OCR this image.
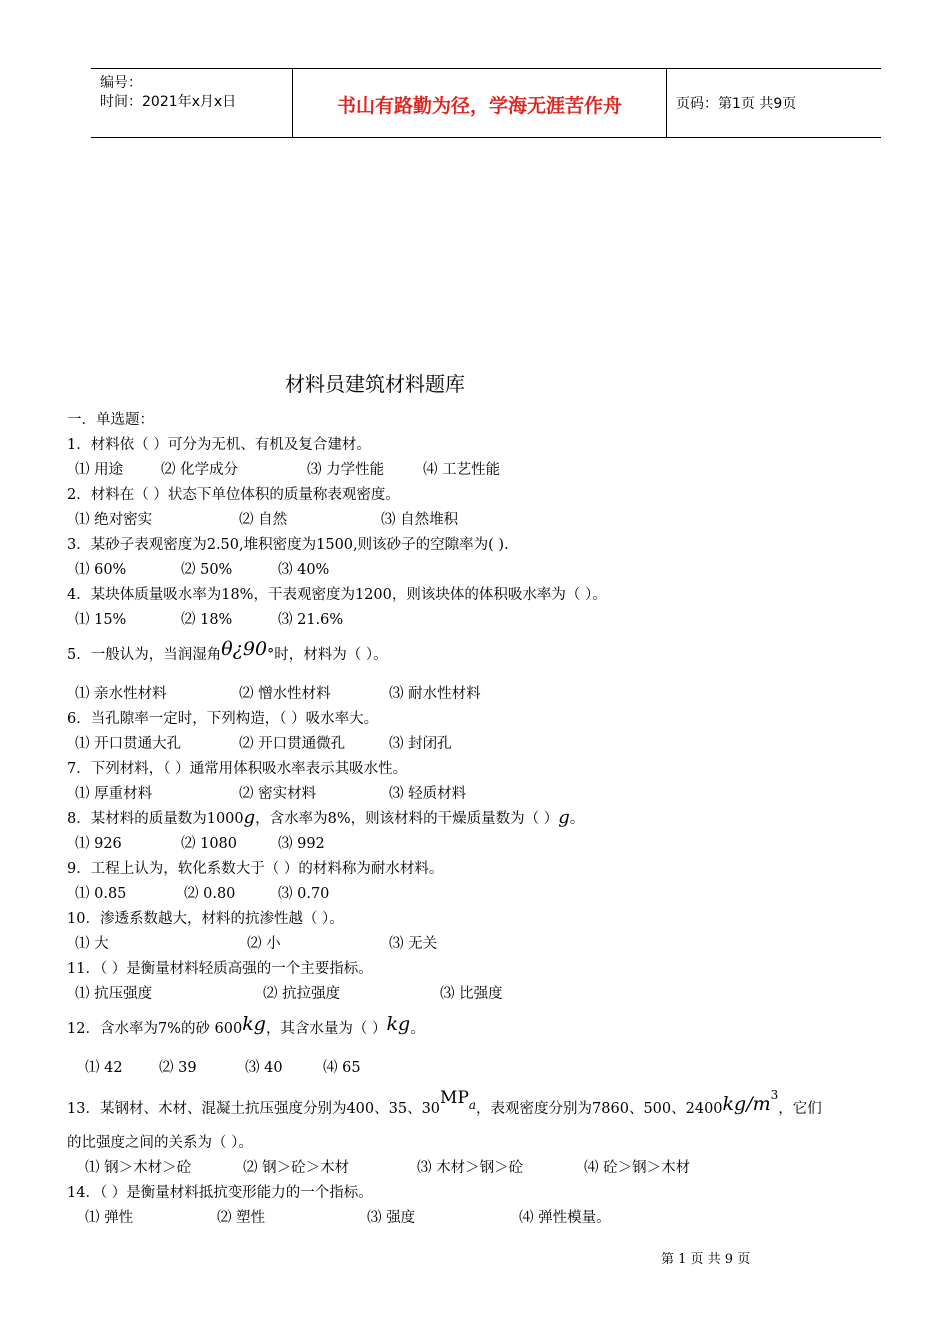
编号：
时间：2021年x月x日	书山有路勤为径，学海无涯苦作舟	页码：第1页 共9页
材料员建筑材料题库
一．单选题：
1．材料依（ ）可分为无机、有机及复合建材。
⑴ 用途	⑵ 化学成分	⑶ 力学性能	⑷ 工艺性能
2．材料在（ ）状态下单位体积的质量称表观密度。
⑴ 绝对密实	⑵ 自然	⑶ 自然堆积
3．某砂子表观密度为2.50,堆积密度为1500,则该砂子的空隙率为( ).
⑴ 60%	⑵ 50%	⑶ 40%
4．某块体质量吸水率为18%，干表观密度为1200，则该块体的体积吸水率为（ ）。
⑴ 15%	⑵ 18%	⑶ 21.6%
5．一般认为，当润湿角θ¿90°时，材料为（ ）。
⑴ 亲水性材料	⑵ 憎水性材料	⑶ 耐水性材料
6．当孔隙率一定时，下列构造，（ ）吸水率大。
⑴ 开口贯通大孔	⑵ 开口贯通微孔	⑶ 封闭孔
7．下列材料，（ ）通常用体积吸水率表示其吸水性。
⑴ 厚重材料	⑵ 密实材料	⑶ 轻质材料
8．某材料的质量数为1000g，含水率为8%，则该材料的干燥质量数为（ ）g。
⑴ 926	⑵ 1080	⑶ 992
9．工程上认为，软化系数大于（ ）的材料称为耐水材料。
⑴ 0.85	⑵ 0.80	⑶ 0.70
10．渗透系数越大，材料的抗渗性越（ ）。
⑴ 大	⑵ 小	⑶ 无关
11．（ ）是衡量材料轻质高强的一个主要指标。
⑴ 抗压强度	⑵ 抗拉强度	⑶ 比强度
12．含水率为7%的砂 600kg，其含水量为（ ）kg。
⑴ 42	⑵ 39	⑶ 40	⑷ 65
13．某钢材、木材、混凝土抗压强度分别为400、35、$30MP^a$，表观密度分别为7860、500、$2400kg/m^3$，它们
的比强度之间的关系为（ ）。
⑴ 钢＞木材＞砼	⑵ 钢＞砼＞木材	⑶ 木材＞钢＞砼	⑷ 砼＞钢＞木材
14．（ ）是衡量材料抵抗变形能力的一个指标。
⑴ 弹性	⑵ 塑性	⑶ 强度	⑷ 弹性模量。
第 1 页 共 9 页
